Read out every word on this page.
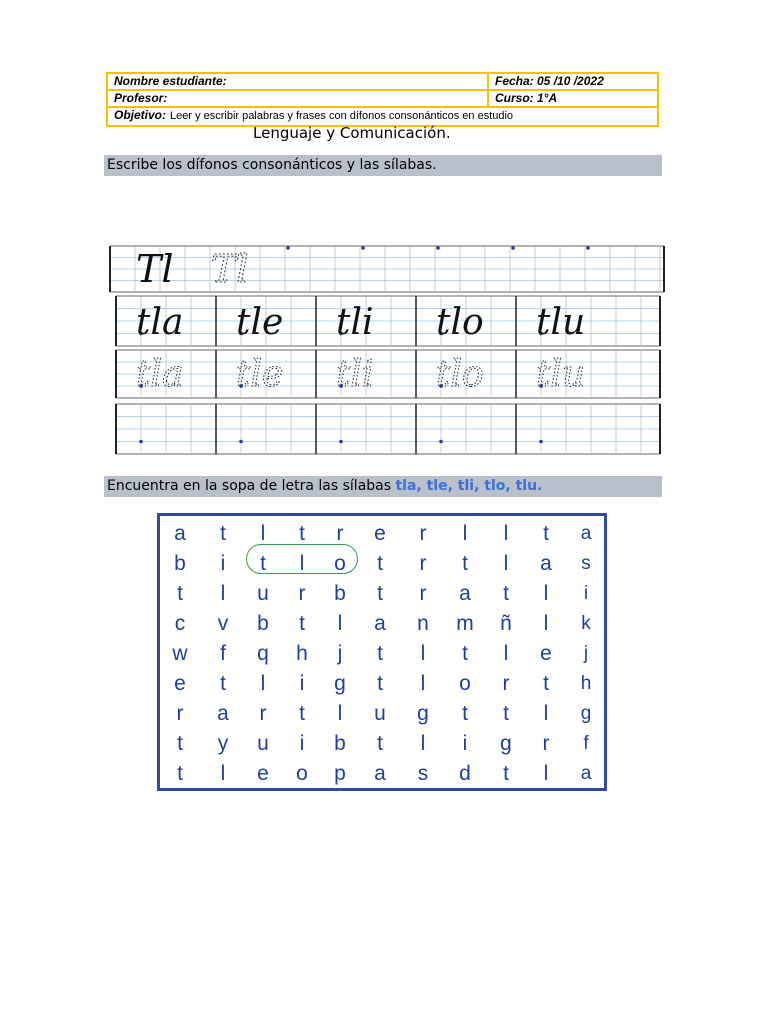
Nombre estudiante:	Fecha: 05 /10 /2022
Profesor:	Curso: 1°A
Objetivo: Leer y escribir palabras y frases con dífonos consonánticos en estudio
Lenguaje y Comunicación.
Escribe los dífonos consonánticos y las sílabas.
Tl Tl
tla tle tli tlo tlu
tla tle tli tlo tlu
Encuentra en la sopa de letra las sílabas tla, tle, tli, tlo, tlu.
a	t	l	t	r	e	r	l	l	t	a
b	i	t	l	o	t	r	t	l	a	s
t	l	u	r	b	t	r	a	t	l	i
c	v	b	t	l	a	n	m	ñ	l	k
w	f	q	h	j	t	l	t	l	e	j
e	t	l	i	g	t	l	o	r	t	h
r	a	r	t	l	u	g	t	t	l	g
t	y	u	i	b	t	l	i	g	r	f
t	l	e	o	p	a	s	d	t	l	a
